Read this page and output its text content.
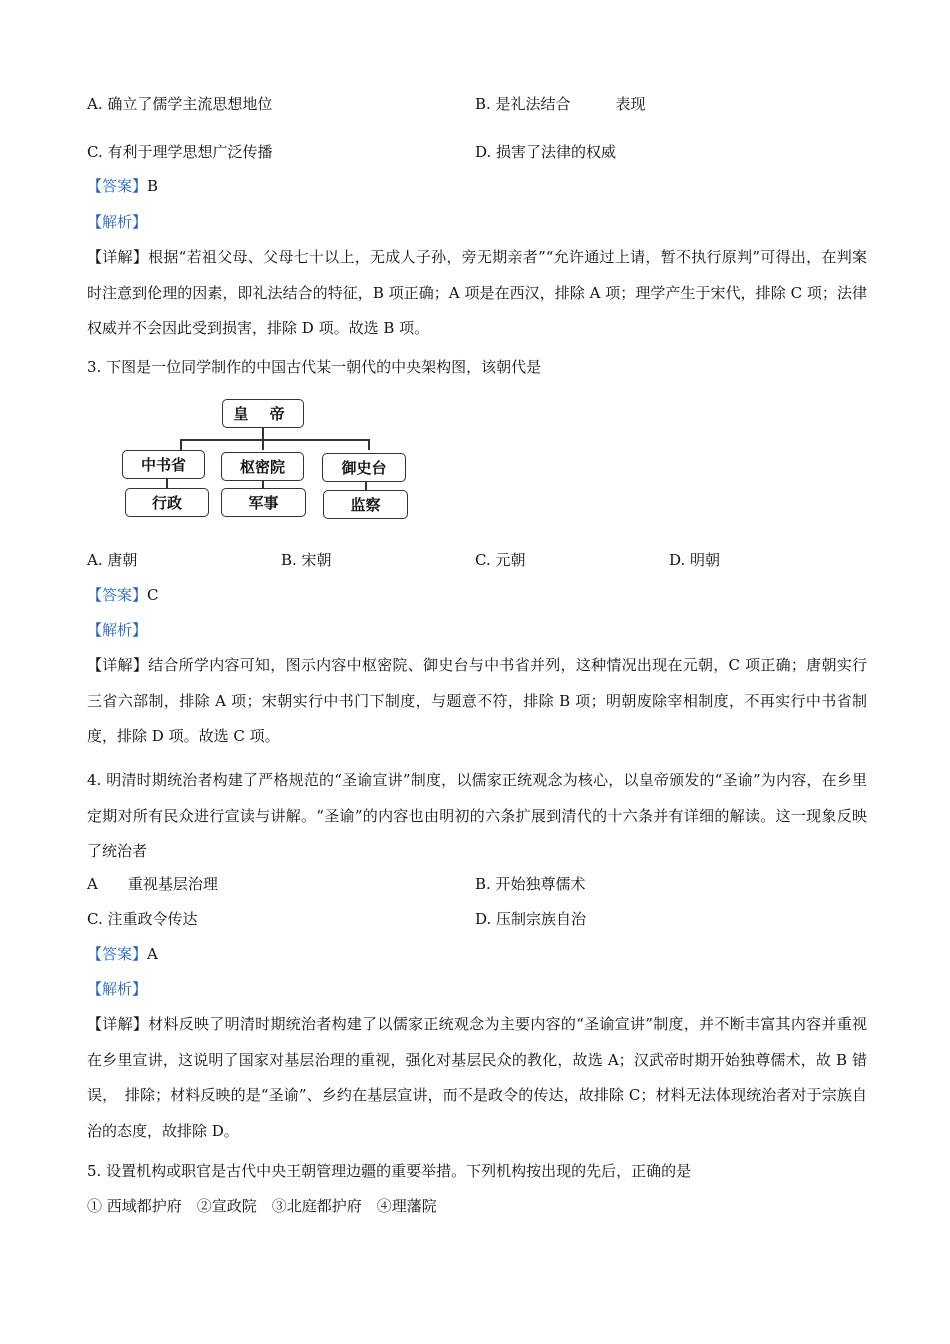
A. 确立了儒学主流思想地位	B. 是礼法结合　　　表现
C. 有利于理学思想广泛传播	D. 损害了法律的权威
【答案】B
【解析】

【详解】根据“若祖父母、父母七十以上，无成人子孙，旁无期亲者”“允许通过上请，暂不执行原判”可得出，在判案时注意到伦理的因素，即礼法结合的特征，B 项正确；A 项是在西汉，排除 A 项；理学产生于宋代，排除 C 项；法律权威并不会因此受到损害，排除 D 项。故选 B 项。

3. 下图是一位同学制作的中国古代某一朝代的中央架构图，该朝代是
皇 帝
中书省	枢密院	御史台
行政	军事	监察
A. 唐朝	B. 宋朝	C. 元朝	D. 明朝
【答案】C
【解析】

【详解】结合所学内容可知，图示内容中枢密院、御史台与中书省并列，这种情况出现在元朝，C 项正确；唐朝实行三省六部制，排除 A 项；宋朝实行中书门下制度，与题意不符，排除 B 项；明朝废除宰相制度，不再实行中书省制度，排除 D 项。故选 C 项。

4. 明清时期统治者构建了严格规范的“圣谕宣讲”制度，以儒家正统观念为核心，以皇帝颁发的“圣谕”为内容，在乡里定期对所有民众进行宣读与讲解。“圣谕”的内容也由明初的六条扩展到清代的十六条并有详细的解读。这一现象反映了统治者
A　　重视基层治理	B. 开始独尊儒术
C. 注重政令传达	D. 压制宗族自治
【答案】A
【解析】

【详解】材料反映了明清时期统治者构建了以儒家正统观念为主要内容的“圣谕宣讲”制度，并不断丰富其内容并重视在乡里宣讲，这说明了国家对基层治理的重视，强化对基层民众的教化，故选 A；汉武帝时期开始独尊儒术，故 B 错误，　排除；材料反映的是“圣谕”、乡约在基层宣讲，而不是政令的传达，故排除 C；材料无法体现统治者对于宗族自治的态度，故排除 D。

5. 设置机构或职官是古代中央王朝管理边疆的重要举措。下列机构按出现的先后，正确的是
① 西域都护府　②宣政院　③北庭都护府　④理藩院
